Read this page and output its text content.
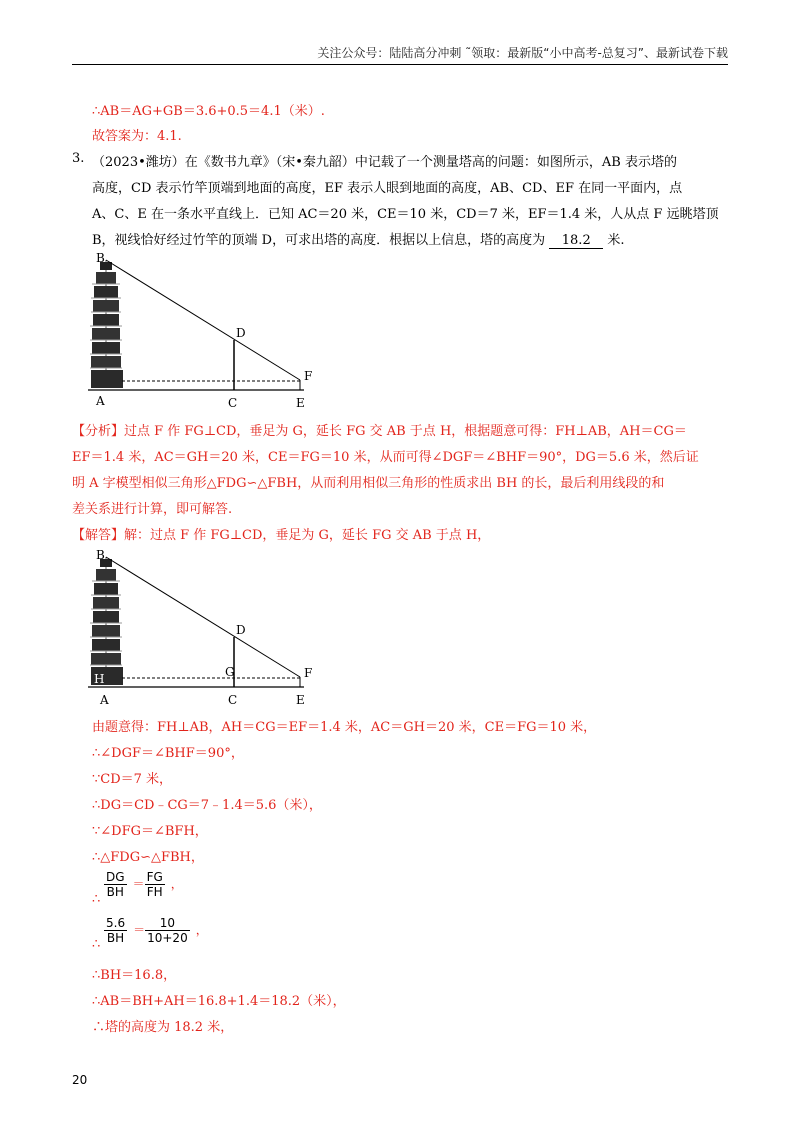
关注公众号：陆陆高分冲刺 ˜领取：最新版“小中高考-总复习”、最新试卷下载
∴AB＝AG+GB＝3.6+0.5＝4.1（米）.
故答案为：4.1.
3. （2023•潍坊）在《数书九章》（宋•秦九韶）中记载了一个测量塔高的问题：如图所示，AB 表示塔的
高度，CD 表示竹竿顶端到地面的高度，EF 表示人眼到地面的高度，AB、CD、EF 在同一平面内，点
A、C、E 在一条水平直线上．已知 AC＝20 米，CE＝10 米，CD＝7 米，EF＝1.4 米，人从点 F 远眺塔顶
B，视线恰好经过竹竿的顶端 D，可求出塔的高度．根据以上信息，塔的高度为 18.2 米.
B
D
F
A	C	E
【分析】过点 F 作 FG⊥CD，垂足为 G，延长 FG 交 AB 于点 H，根据题意可得：FH⊥AB，AH＝CG＝
EF＝1.4 米，AC＝GH＝20 米，CE＝FG＝10 米，从而可得∠DGF＝∠BHF＝90°，DG＝5.6 米，然后证
明 A 字模型相似三角形△FDG∽△FBH，从而利用相似三角形的性质求出 BH 的长，最后利用线段的和
差关系进行计算，即可解答.
【解答】解：过点 F 作 FG⊥CD，垂足为 G，延长 FG 交 AB 于点 H，
B
D
G	F
H
A	C	E
由题意得：FH⊥AB，AH＝CG＝EF＝1.4 米，AC＝GH＝20 米，CE＝FG＝10 米，
∴∠DGF＝∠BHF＝90°，
∵CD＝7 米，
∴DG＝CD﹣CG＝7﹣1.4＝5.6（米），
∵∠DFG＝∠BFH，
∴△FDG∽△FBH，
$\frac{DG}{BH} = \frac{FG}{FH}$ ，
∴
$\frac{5.6}{BH} = \frac{10}{10+20}$ ，
∴
∴BH＝16.8，
∴AB＝BH+AH＝16.8+1.4＝18.2（米），
∴塔的高度为 18.2 米，
20
